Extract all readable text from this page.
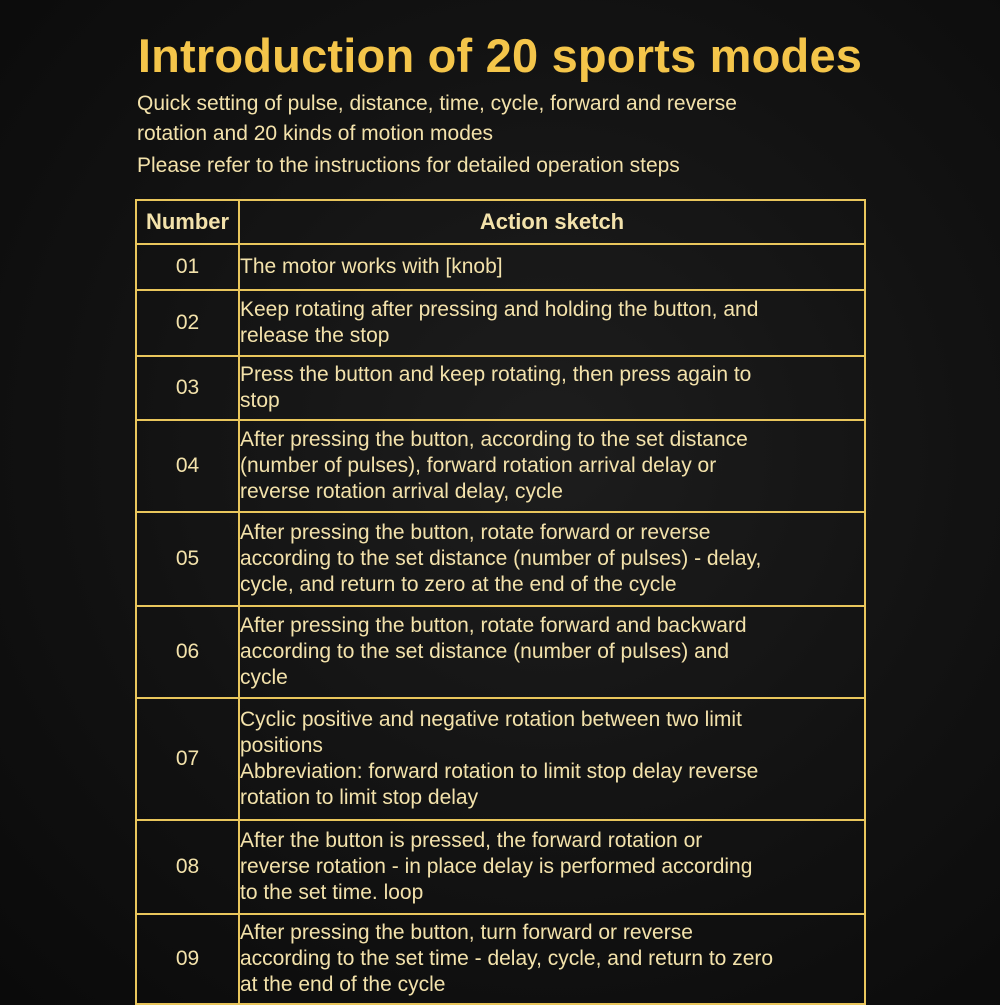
Introduction of 20 sports modes

Quick setting of pulse, distance, time, cycle, forward and reverse

rotation and 20 kinds of motion modes

Please refer to the instructions for detailed operation steps

Number	Action sketch
01	The motor works with [knob]

02	Keep rotating after pressing and holding the button, and
release the stop

03	Press the button and keep rotating, then press again to
stop

04	After pressing the button, according to the set distance
(number of pulses), forward rotation arrival delay or
reverse rotation arrival delay, cycle

05	After pressing the button, rotate forward or reverse
according to the set distance (number of pulses) - delay,
cycle, and return to zero at the end of the cycle

06	After pressing the button, rotate forward and backward
according to the set distance (number of pulses) and
cycle

07	Cyclic positive and negative rotation between two limit
positions
Abbreviation: forward rotation to limit stop delay reverse
rotation to limit stop delay

08	After the button is pressed, the forward rotation or
reverse rotation - in place delay is performed according
to the set time. loop

09	After pressing the button, turn forward or reverse
according to the set time - delay, cycle, and return to zero
at the end of the cycle
